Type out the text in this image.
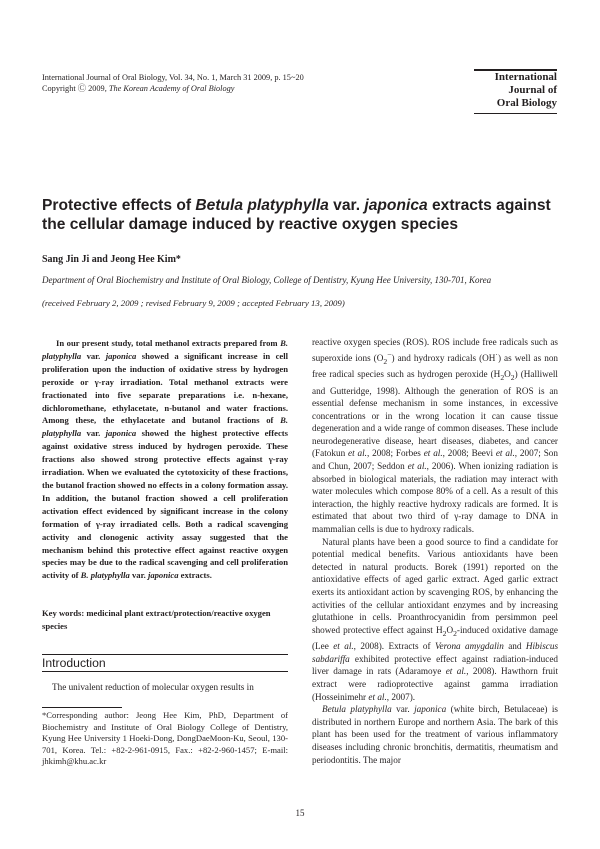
International Journal of Oral Biology, Vol. 34, No. 1, March 31 2009, p. 15~20
Copyright Ⓒ 2009, The Korean Academy of Oral Biology
International
Journal of
Oral Biology
Protective effects of Betula platyphylla var. japonica extracts against the cellular damage induced by reactive oxygen species
Sang Jin Ji and Jeong Hee Kim*
Department of Oral Biochemistry and Institute of Oral Biology, College of Dentistry, Kyung Hee University, 130-701, Korea
(received February 2, 2009 ; revised February 9, 2009 ; accepted February 13, 2009)
In our present study, total methanol extracts prepared from B. platyphylla var. japonica showed a significant increase in cell proliferation upon the induction of oxidative stress by hydrogen peroxide or γ-ray irradiation. Total methanol extracts were fractionated into five separate preparations i.e. n-hexane, dichloromethane, ethylacetate, n-butanol and water fractions. Among these, the ethylacetate and butanol fractions of B. platyphylla var. japonica showed the highest protective effects against oxidative stress induced by hydrogen peroxide. These fractions also showed strong protective effects against γ-ray irradiation. When we evaluated the cytotoxicity of these fractions, the butanol fraction showed no effects in a colony formation assay. In addition, the butanol fraction showed a cell proliferation activation effect evidenced by significant increase in the colony formation of γ-ray irradiated cells. Both a radical scavenging activity and clonogenic activity assay suggested that the mechanism behind this protective effect against reactive oxygen species may be due to the radical scavenging and cell proliferation activity of B. platyphylla var. japonica extracts.
Key words: medicinal plant extract/protection/reactive oxygen species
Introduction
The univalent reduction of molecular oxygen results in
*Corresponding author: Jeong Hee Kim, PhD, Department of Biochemistry and Institute of Oral Biology College of Dentistry, Kyung Hee University 1 Hoeki-Dong, DongDaeMoon-Ku, Seoul, 130-701, Korea. Tel.: +82-2-961-0915, Fax.: +82-2-960-1457; E-mail: jhkimh@khu.ac.kr

reactive oxygen species (ROS). ROS include free radicals such as superoxide ions $(O_2^-)$ and hydroxy radicals (OH·) as well as non free radical species such as hydrogen peroxide $(H_2O_2)$ (Halliwell and Gutteridge, 1998). Although the generation of ROS is an essential defense mechanism in some instances, in excessive concentrations or in the wrong location it can cause tissue degeneration and a wide range of common diseases. These include neurodegenerative disease, heart diseases, diabetes, and cancer (Fatokun et al., 2008; Forbes et al., 2008; Beevi et al., 2007; Son and Chun, 2007; Seddon et al., 2006). When ionizing radiation is absorbed in biological materials, the radiation may interact with water molecules which compose 80% of a cell. As a result of this interaction, the highly reactive hydroxy radicals are formed. It is estimated that about two third of γ-ray damage to DNA in mammalian cells is due to hydroxy radicals.

Natural plants have been a good source to find a candidate for potential medical benefits. Various antioxidants have been detected in natural products. Borek (1991) reported on the antioxidative effects of aged garlic extract. Aged garlic extract exerts its antioxidant action by scavenging ROS, by enhancing the activities of the cellular antioxidant enzymes and by increasing glutathione in cells. Proanthrocyanidin from persimmon peel showed protective effect against $H_2O_2$-induced oxidative damage (Lee et al., 2008). Extracts of Verona amygdalin and Hibiscus sabdariffa exhibited protective effect against radiation-induced liver damage in rats (Adaramoye et al., 2008). Hawthorn fruit extract were radioprotective against gamma irradiation (Hosseinimehr et al., 2007).

Betula platyphylla var. japonica (white birch, Betulaceae) is distributed in northern Europe and northern Asia. The bark of this plant has been used for the treatment of various inflammatory diseases including chronic bronchitis, dermatitis, rheumatism and periodontitis. The major

15
